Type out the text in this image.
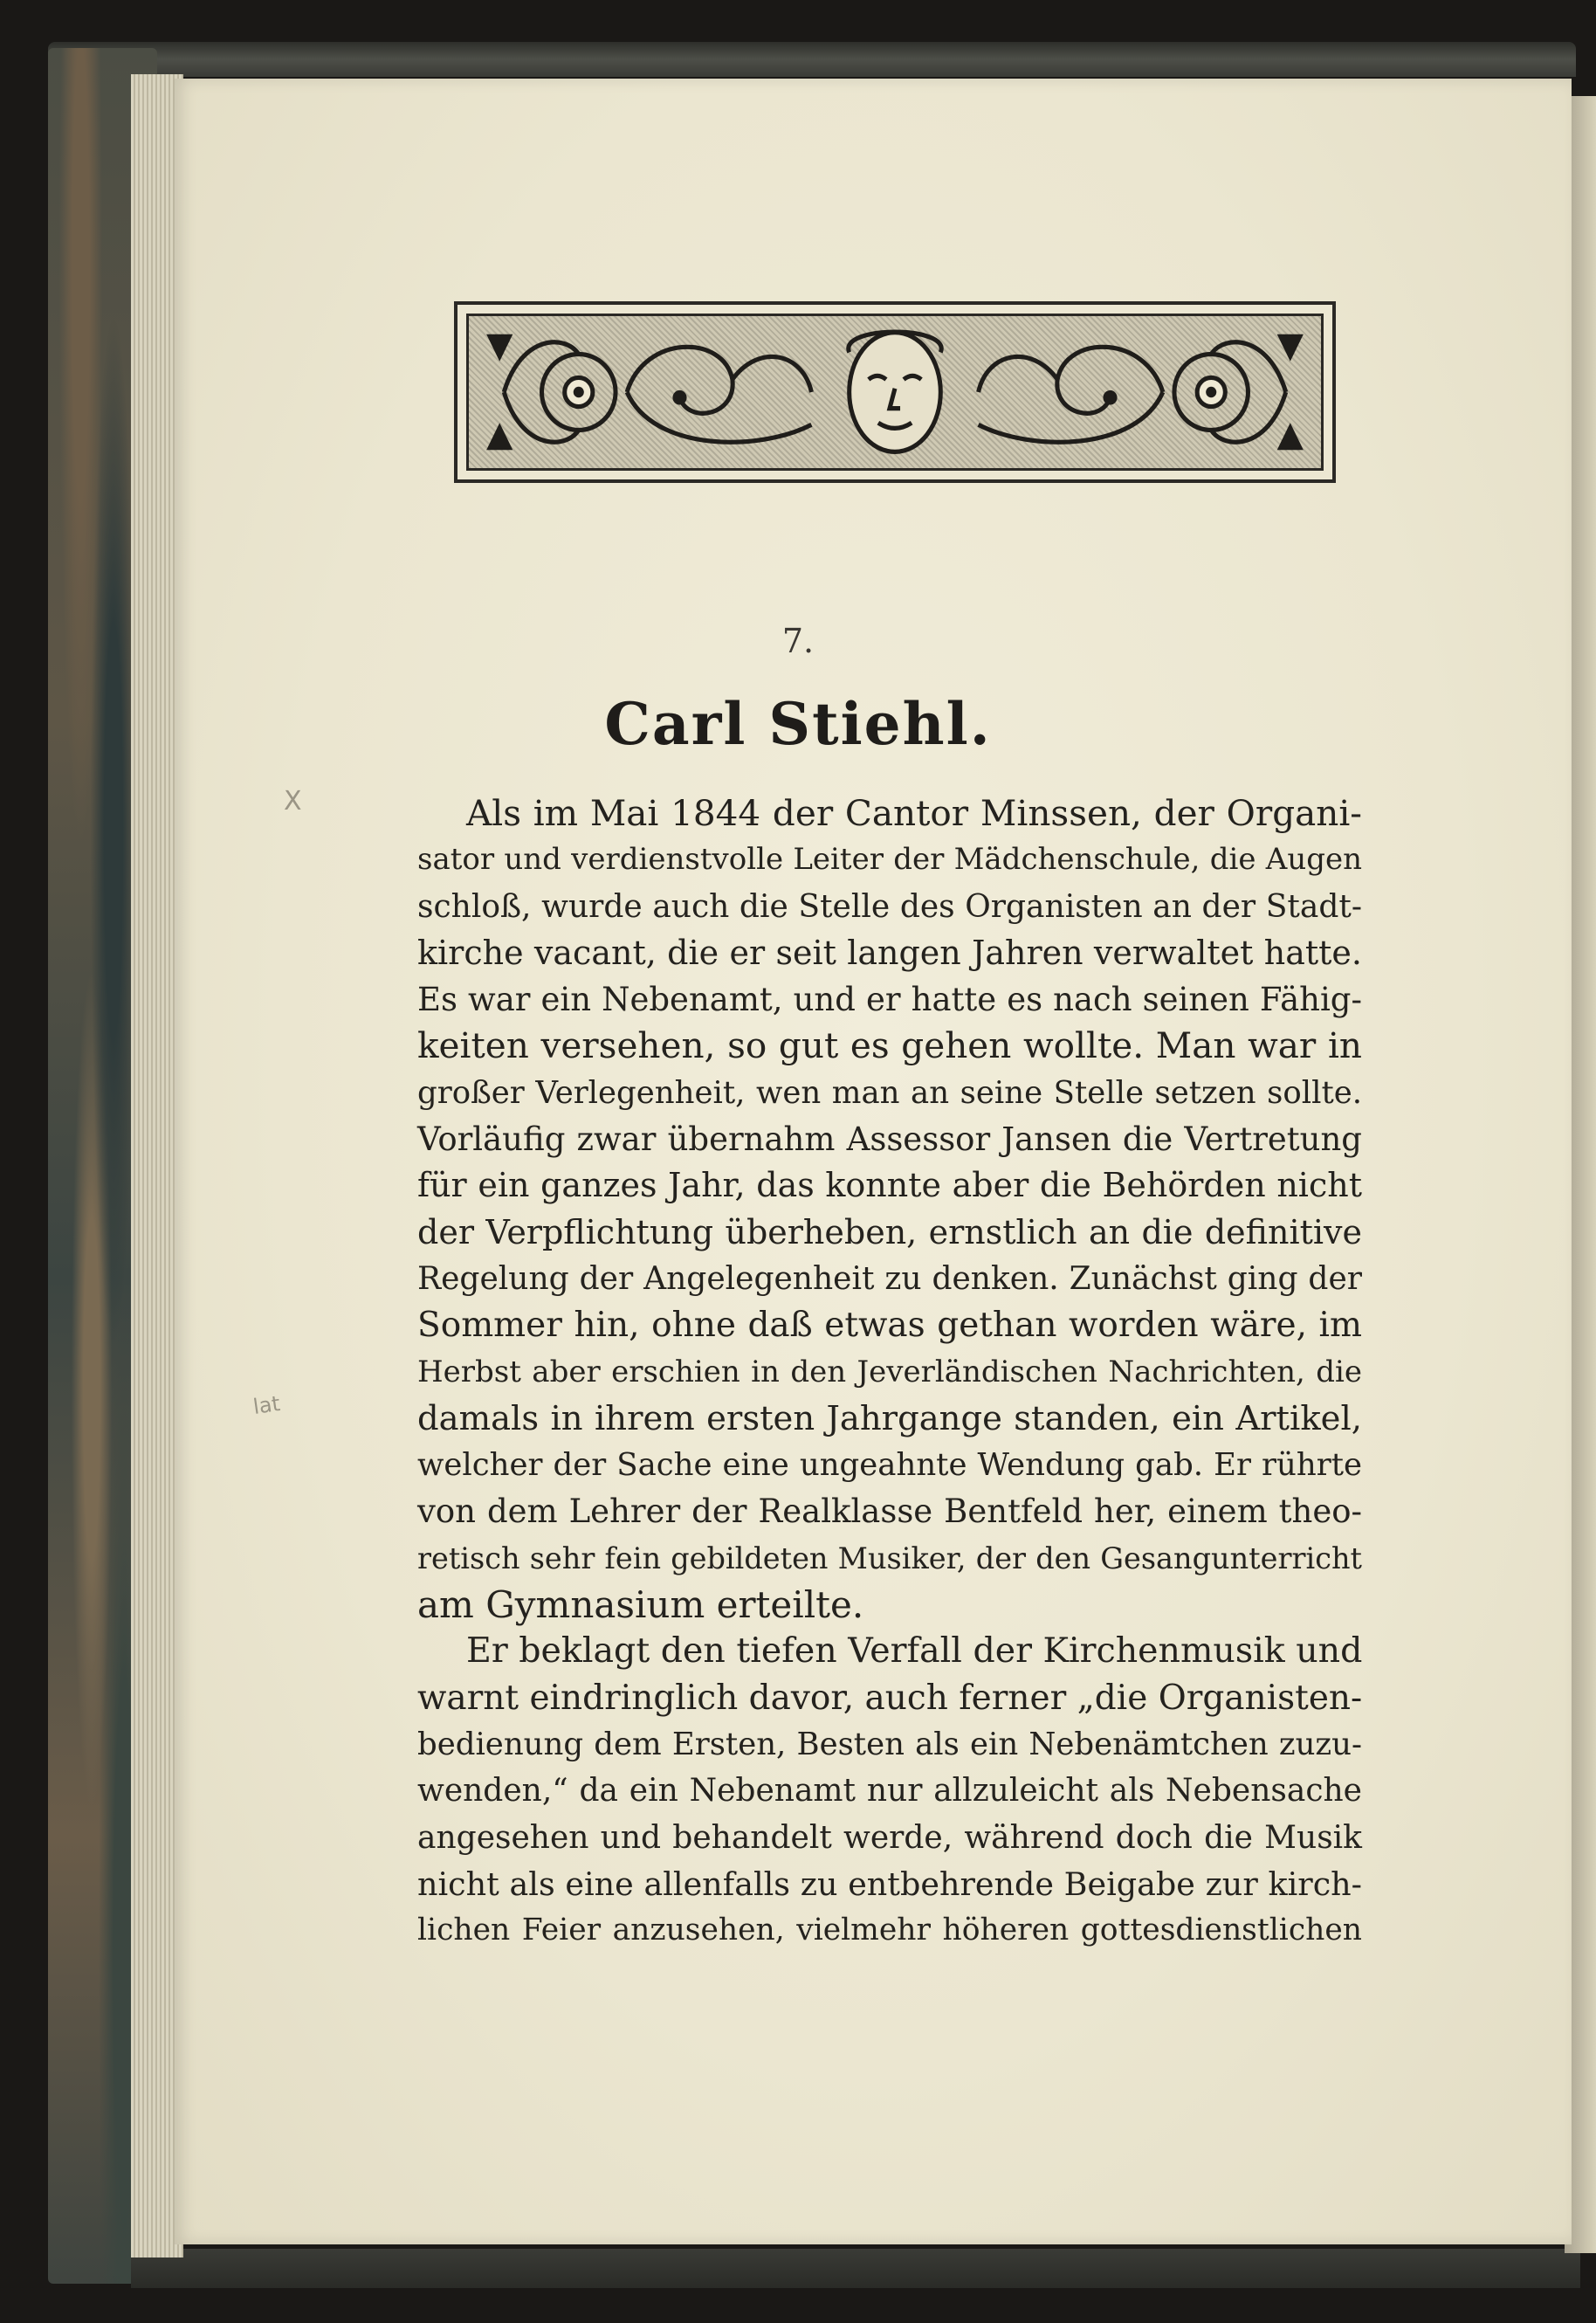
7.
Carl Stiehl.
X
lat
Als im Mai 1844 der Cantor Minssen, der Organi-
sator und verdienstvolle Leiter der Mädchenschule, die Augen
schloß, wurde auch die Stelle des Organisten an der Stadt-
kirche vacant, die er seit langen Jahren verwaltet hatte.
Es war ein Nebenamt, und er hatte es nach seinen Fähig-
keiten versehen, so gut es gehen wollte. Man war in
großer Verlegenheit, wen man an seine Stelle setzen sollte.
Vorläufig zwar übernahm Assessor Jansen die Vertretung
für ein ganzes Jahr, das konnte aber die Behörden nicht
der Verpflichtung überheben, ernstlich an die definitive
Regelung der Angelegenheit zu denken. Zunächst ging der
Sommer hin, ohne daß etwas gethan worden wäre, im
Herbst aber erschien in den Jeverländischen Nachrichten, die
damals in ihrem ersten Jahrgange standen, ein Artikel,
welcher der Sache eine ungeahnte Wendung gab. Er rührte
von dem Lehrer der Realklasse Bentfeld her, einem theo-
retisch sehr fein gebildeten Musiker, der den Gesangunterricht
am Gymnasium erteilte.
Er beklagt den tiefen Verfall der Kirchenmusik und
warnt eindringlich davor, auch ferner „die Organisten-
bedienung dem Ersten, Besten als ein Nebenämtchen zuzu-
wenden,“ da ein Nebenamt nur allzuleicht als Nebensache
angesehen und behandelt werde, während doch die Musik
nicht als eine allenfalls zu entbehrende Beigabe zur kirch-
lichen Feier anzusehen, vielmehr höheren gottesdienstlichen
